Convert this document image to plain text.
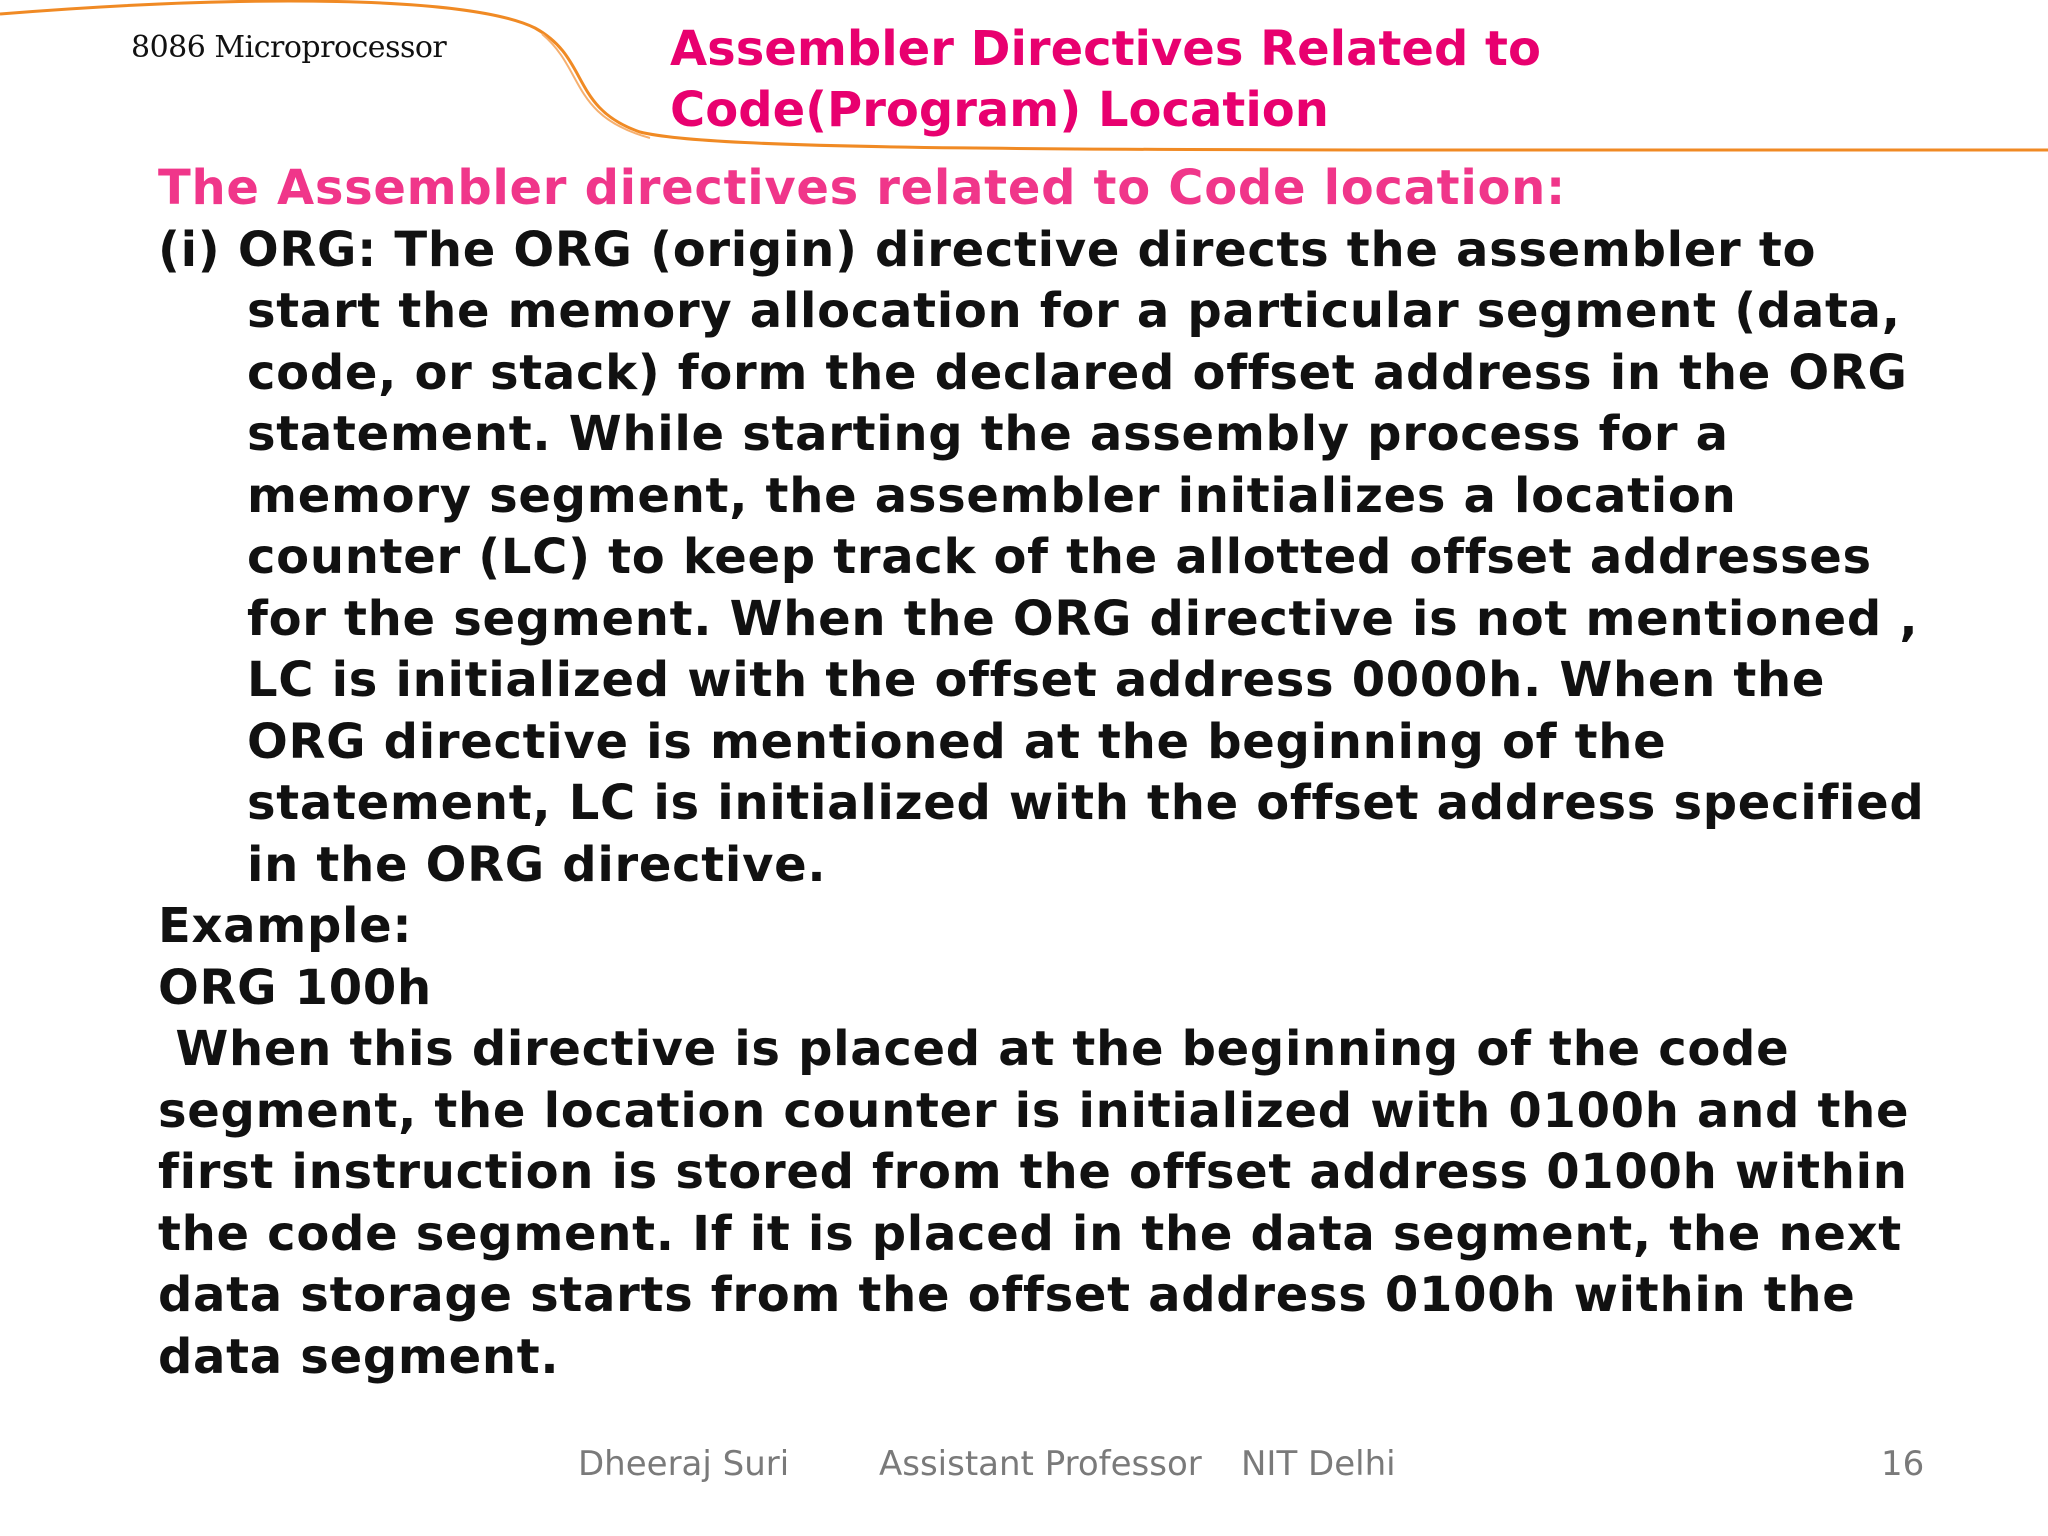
8086 Microprocessor	Assembler Directives Related to
Code(Program) Location
The Assembler directives related to Code location:
(i) ORG: The ORG (origin) directive directs the assembler to
start the memory allocation for a particular segment (data,
code, or stack) form the declared offset address in the ORG
statement. While starting the assembly process for a
memory segment, the assembler initializes a location
counter (LC) to keep track of the allotted offset addresses
for the segment. When the ORG directive is not mentioned ,
LC is initialized with the offset address 0000h. When the
ORG directive is mentioned at the beginning of the
statement, LC is initialized with the offset address specified
in the ORG directive.
Example:
ORG 100h
When this directive is placed at the beginning of the code
segment, the location counter is initialized with 0100h and the
first instruction is stored from the offset address 0100h within
the code segment. If it is placed in the data segment, the next
data storage starts from the offset address 0100h within the
data segment.
Dheeraj Suri	Assistant Professor NIT Delhi	16
